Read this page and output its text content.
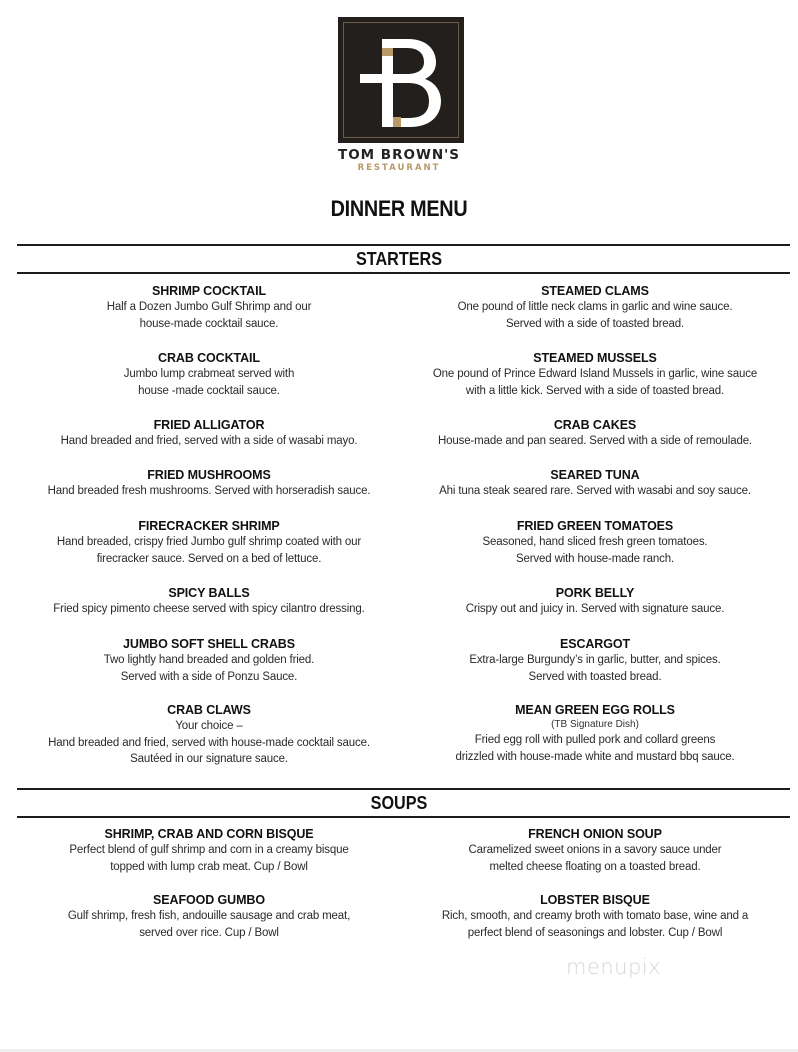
TOM BROWN'S
RESTAURANT
DINNER MENU
STARTERS
SHRIMP COCKTAIL
Half a Dozen Jumbo Gulf Shrimp and our
house-made cocktail sauce.
CRAB COCKTAIL
Jumbo lump crabmeat served with
house -made cocktail sauce.
FRIED ALLIGATOR
Hand breaded and fried, served with a side of wasabi mayo.
FRIED MUSHROOMS
Hand breaded fresh mushrooms. Served with horseradish sauce.
FIRECRACKER SHRIMP
Hand breaded, crispy fried Jumbo gulf shrimp coated with our
firecracker sauce. Served on a bed of lettuce.
SPICY BALLS
Fried spicy pimento cheese served with spicy cilantro dressing.
JUMBO SOFT SHELL CRABS
Two lightly hand breaded and golden fried.
Served with a side of Ponzu Sauce.
CRAB CLAWS
Your choice –
Hand breaded and fried, served with house-made cocktail sauce.
Sautéed in our signature sauce.
STEAMED CLAMS
One pound of little neck clams in garlic and wine sauce.
Served with a side of toasted bread.
STEAMED MUSSELS
One pound of Prince Edward Island Mussels in garlic, wine sauce
with a little kick. Served with a side of toasted bread.
CRAB CAKES
House-made and pan seared. Served with a side of remoulade.
SEARED TUNA
Ahi tuna steak seared rare. Served with wasabi and soy sauce.
FRIED GREEN TOMATOES
Seasoned, hand sliced fresh green tomatoes.
Served with house-made ranch.
PORK BELLY
Crispy out and juicy in. Served with signature sauce.
ESCARGOT
Extra-large Burgundy’s in garlic, butter, and spices.
Served with toasted bread.
MEAN GREEN EGG ROLLS
(TB Signature Dish)
Fried egg roll with pulled pork and collard greens
drizzled with house-made white and mustard bbq sauce.
SOUPS
SHRIMP, CRAB AND CORN BISQUE
Perfect blend of gulf shrimp and corn in a creamy bisque
topped with lump crab meat. Cup / Bowl
SEAFOOD GUMBO
Gulf shrimp, fresh fish, andouille sausage and crab meat,
served over rice. Cup / Bowl
FRENCH ONION SOUP
Caramelized sweet onions in a savory sauce under
melted cheese floating on a toasted bread.
LOBSTER BISQUE
Rich, smooth, and creamy broth with tomato base, wine and a
perfect blend of seasonings and lobster. Cup / Bowl
menupix
